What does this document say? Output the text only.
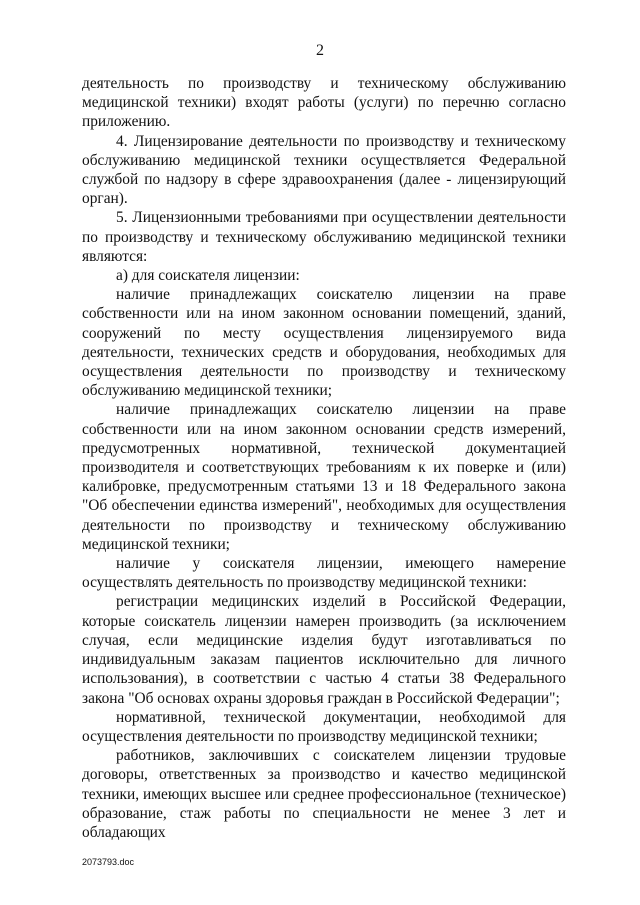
2

деятельность по производству и техническому обслуживанию медицинской техники) входят работы (услуги) по перечню согласно приложению.

4. Лицензирование деятельности по производству и техническому обслуживанию медицинской техники осуществляется Федеральной службой по надзору в сфере здравоохранения (далее - лицензирующий орган).

5. Лицензионными требованиями при осуществлении деятельности по производству и техническому обслуживанию медицинской техники являются:

а) для соискателя лицензии:

наличие принадлежащих соискателю лицензии на праве собственности или на ином законном основании помещений, зданий, сооружений по месту осуществления лицензируемого вида деятельности, технических средств и оборудования, необходимых для осуществления деятельности по производству и техническому обслуживанию медицинской техники;

наличие принадлежащих соискателю лицензии на праве собственности или на ином законном основании средств измерений, предусмотренных нормативной, технической документацией производителя и соответствующих требованиям к их поверке и (или) калибровке, предусмотренным статьями 13 и 18 Федерального закона "Об обеспечении единства измерений", необходимых для осуществления деятельности по производству и техническому обслуживанию медицинской техники;

наличие у соискателя лицензии, имеющего намерение осуществлять деятельность по производству медицинской техники:

регистрации медицинских изделий в Российской Федерации, которые соискатель лицензии намерен производить (за исключением случая, если медицинские изделия будут изготавливаться по индивидуальным заказам пациентов исключительно для личного использования), в соответствии с частью 4 статьи 38 Федерального закона "Об основах охраны здоровья граждан в Российской Федерации";

нормативной, технической документации, необходимой для осуществления деятельности по производству медицинской техники;

работников, заключивших с соискателем лицензии трудовые договоры, ответственных за производство и качество медицинской техники, имеющих высшее или среднее профессиональное (техническое) образование, стаж работы по специальности не менее 3 лет и обладающих

2073793.doc
